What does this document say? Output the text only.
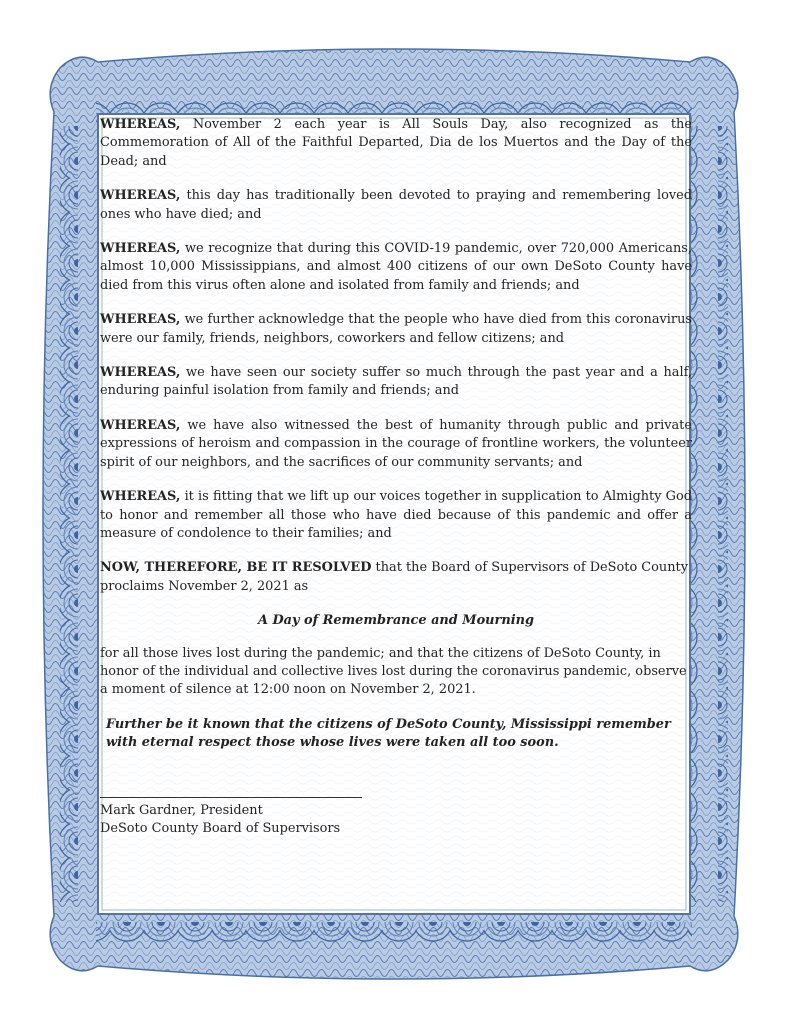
WHEREAS, November 2 each year is All Souls Day, also recognized as the Commemoration of All of the Faithful Departed, Dia de los Muertos and the Day of the Dead; and

WHEREAS, this day has traditionally been devoted to praying and remembering loved ones who have died; and

WHEREAS, we recognize that during this COVID-19 pandemic, over 720,000 Americans, almost 10,000 Mississippians, and almost 400 citizens of our own DeSoto County have died from this virus often alone and isolated from family and friends; and

WHEREAS, we further acknowledge that the people who have died from this coronavirus were our family, friends, neighbors, coworkers and fellow citizens; and

WHEREAS, we have seen our society suffer so much through the past year and a half, enduring painful isolation from family and friends; and

WHEREAS, we have also witnessed the best of humanity through public and private expressions of heroism and compassion in the courage of frontline workers, the volunteer spirit of our neighbors, and the sacrifices of our community servants; and

WHEREAS, it is fitting that we lift up our voices together in supplication to Almighty God to honor and remember all those who have died because of this pandemic and offer a measure of condolence to their families; and

NOW, THEREFORE, BE IT RESOLVED that the Board of Supervisors of DeSoto County proclaims November 2, 2021 as

A Day of Remembrance and Mourning

for all those lives lost during the pandemic; and that the citizens of DeSoto County, in honor of the individual and collective lives lost during the coronavirus pandemic, observe a moment of silence at 12:00 noon on November 2, 2021.

Further be it known that the citizens of DeSoto County, Mississippi remember with eternal respect those whose lives were taken all too soon.

Mark Gardner, President
DeSoto County Board of Supervisors
